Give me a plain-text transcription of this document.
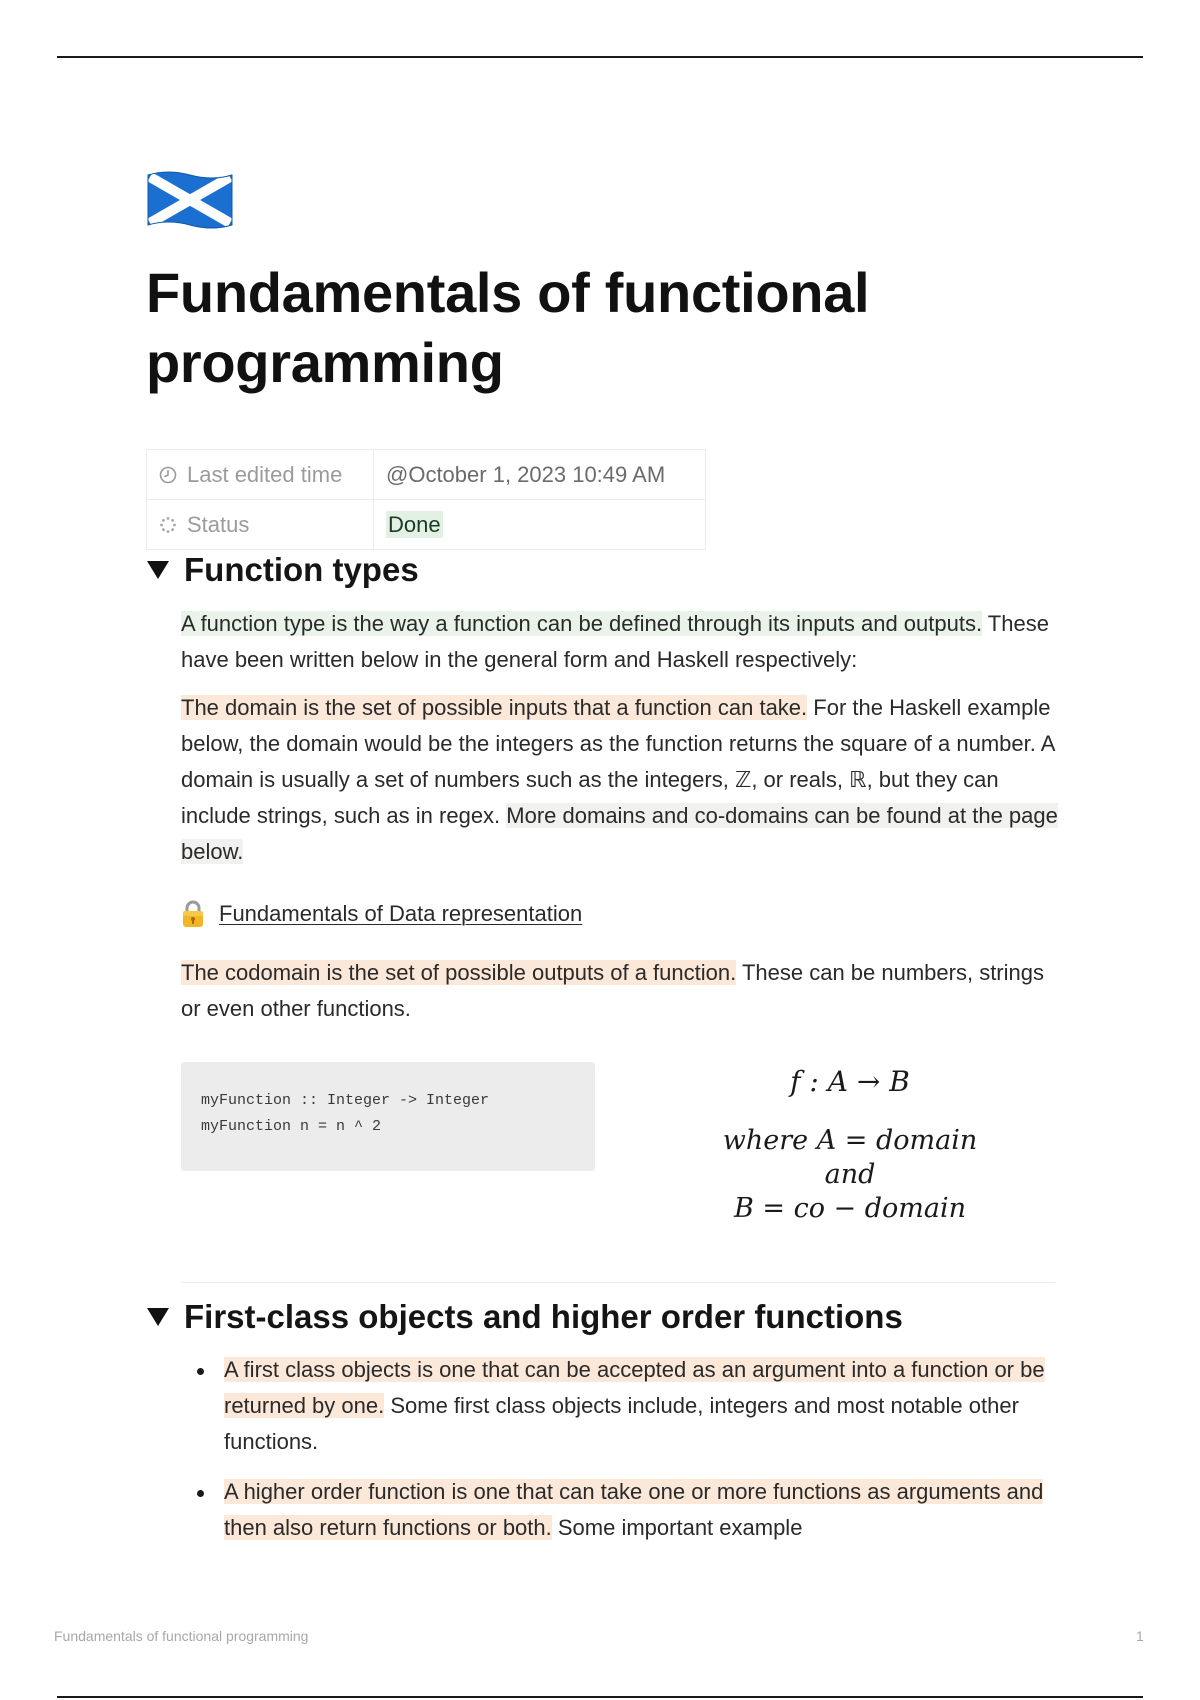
Fundamentals of functional programming
Last edited time	@October 1, 2023 10:49 AM
Status	Done
Function types

A function type is the way a function can be defined through its inputs and outputs. These have been written below in the general form and Haskell respectively:

The domain is the set of possible inputs that a function can take. For the Haskell example below, the domain would be the integers as the function returns the square of a number. A domain is usually a set of numbers such as the integers, ℤ, or reals, ℝ, but they can include strings, such as in regex. More domains and co-domains can be found at the page below.

Fundamentals of Data representation

The codomain is the set of possible outputs of a function. These can be numbers, strings or even other functions.

myFunction :: Integer -> Integer
myFunction n = n ^ 2
f : A → B
where A = domain
and
B = co − domain
First-class objects and higher order functions
A first class objects is one that can be accepted as an argument into a function or be returned by one. Some first class objects include, integers and most notable other functions.
A higher order function is one that can take one or more functions as arguments and then also return functions or both. Some important example
Fundamentals of functional programming	1
